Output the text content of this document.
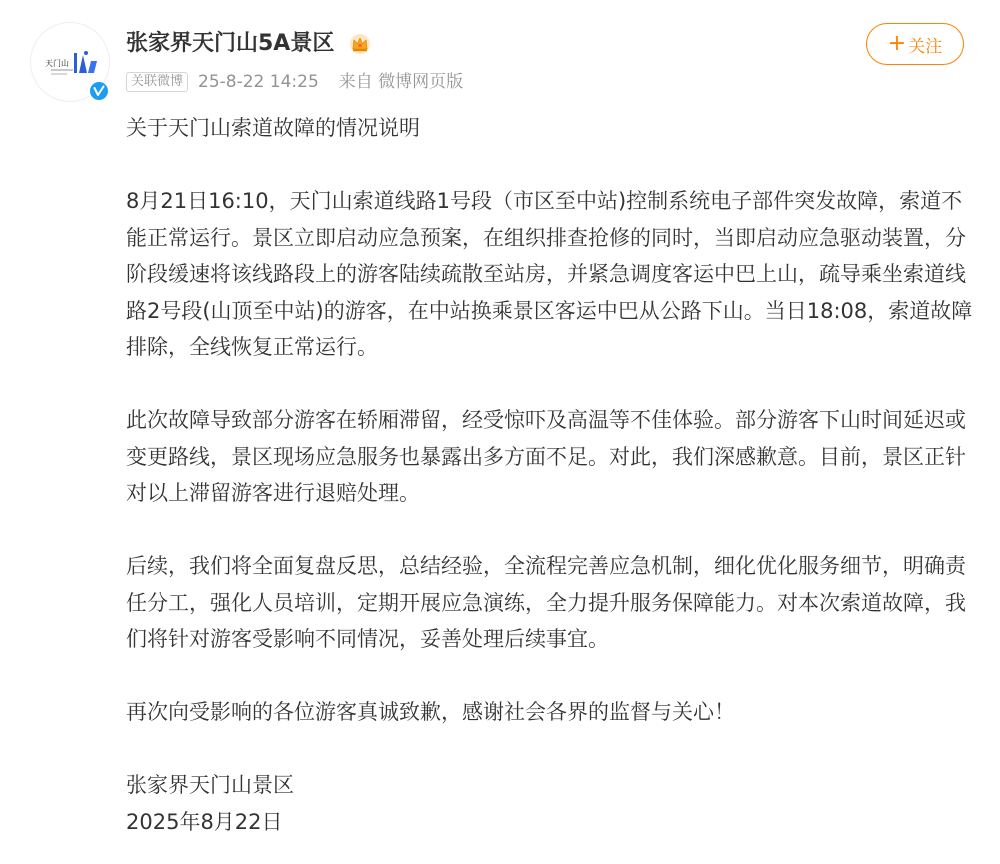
天门山
张家界天门山5A景区
关联微博 25-8-22 14:25 来自 微博网页版
+ 关注

关于天门山索道故障的情况说明

8月21日16:10，天门山索道线路1号段（市区至中站)控制系统电子部件突发故障，索道不能正常运行。景区立即启动应急预案，在组织排查抢修的同时，当即启动应急驱动装置，分阶段缓速将该线路段上的游客陆续疏散至站房，并紧急调度客运中巴上山，疏导乘坐索道线路2号段(山顶至中站)的游客，在中站换乘景区客运中巴从公路下山。当日18:08，索道故障排除，全线恢复正常运行。

此次故障导致部分游客在轿厢滞留，经受惊吓及高温等不佳体验。部分游客下山时间延迟或变更路线，景区现场应急服务也暴露出多方面不足。对此，我们深感歉意。目前，景区正针对以上滞留游客进行退赔处理。

后续，我们将全面复盘反思，总结经验，全流程完善应急机制，细化优化服务细节，明确责任分工，强化人员培训，定期开展应急演练，全力提升服务保障能力。对本次索道故障，我们将针对游客受影响不同情况，妥善处理后续事宜。

再次向受影响的各位游客真诚致歉，感谢社会各界的监督与关心！

张家界天门山景区

2025年8月22日
